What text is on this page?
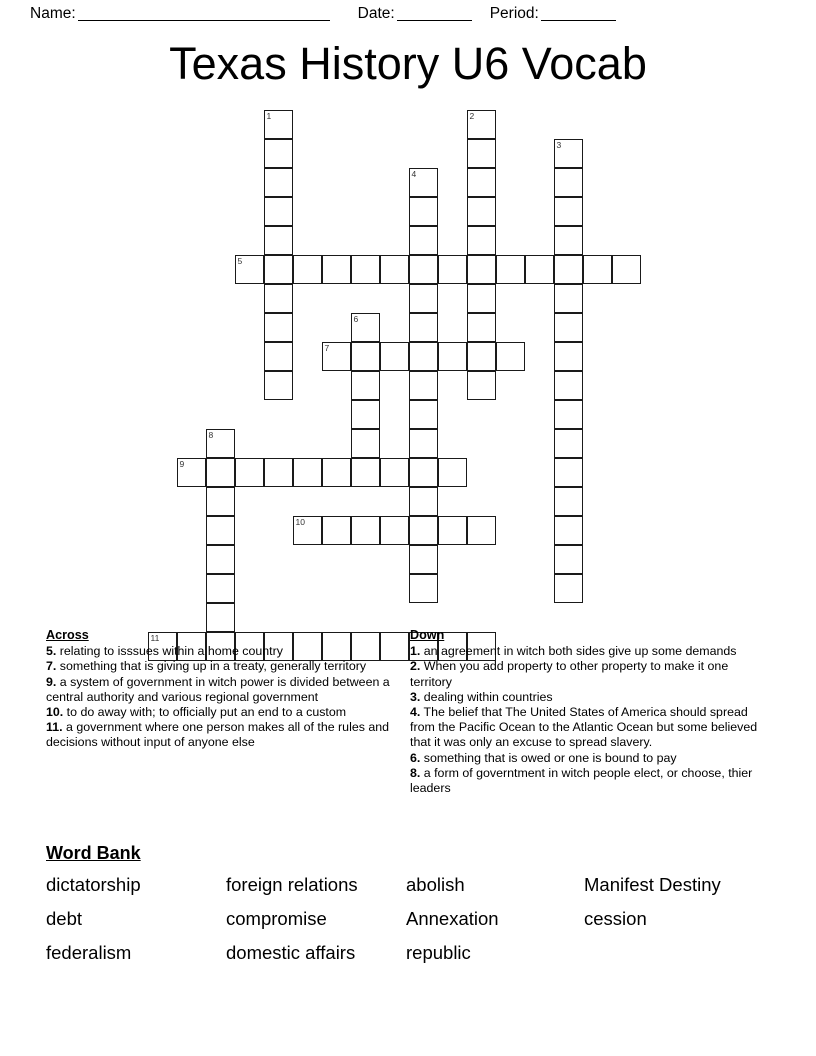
Name:	Date:	Period:
Texas History U6 Vocab
1	2
3
4
5
6
7
8
9
10
11
Across
5. relating to isssues within a home country
7. something that is giving up in a treaty, generally territory
9. a system of government in witch power is divided between a central authority and various regional government
10. to do away with; to officially put an end to a custom
11. a government where one person makes all of the rules and decisions without input of anyone else
Down
1. an agreement in witch both sides give up some demands
2. When you add property to other property to make it one territory
3. dealing within countries
4. The belief that The United States of America should spread from the Pacific Ocean to the Atlantic Ocean but some believed that it was only an excuse to spread slavery.
6. something that is owed or one is bound to pay
8. a form of governtment in witch people elect, or choose, thier leaders
Word Bank
dictatorship	foreign relations	abolish	Manifest Destiny
debt	compromise	Annexation	cession
federalism	domestic affairs	republic
